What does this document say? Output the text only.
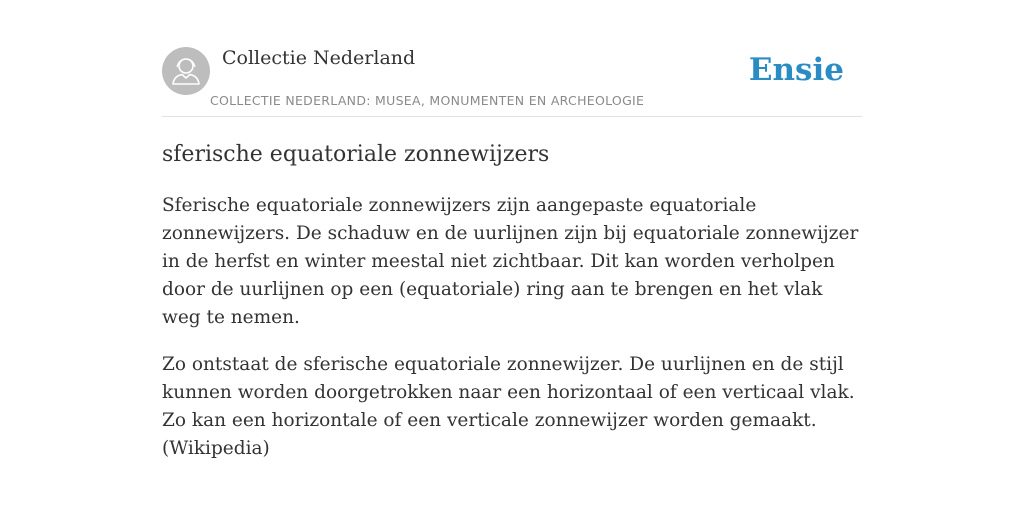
Collectie Nederland
COLLECTIE NEDERLAND: MUSEA, MONUMENTEN EN ARCHEOLOGIE
Ensie
sferische equatoriale zonnewijzers

Sferische equatoriale zonnewijzers zijn aangepaste equatoriale zonnewijzers. De schaduw en de uurlijnen zijn bij equatoriale zonnewijzer in de herfst en winter meestal niet zichtbaar. Dit kan worden verholpen door de uurlijnen op een (equatoriale) ring aan te brengen en het vlak weg te nemen.

Zo ontstaat de sferische equatoriale zonnewijzer. De uurlijnen en de stijl kunnen worden doorgetrokken naar een horizontaal of een verticaal vlak. Zo kan een horizontale of een verticale zonnewijzer worden gemaakt. (Wikipedia)
